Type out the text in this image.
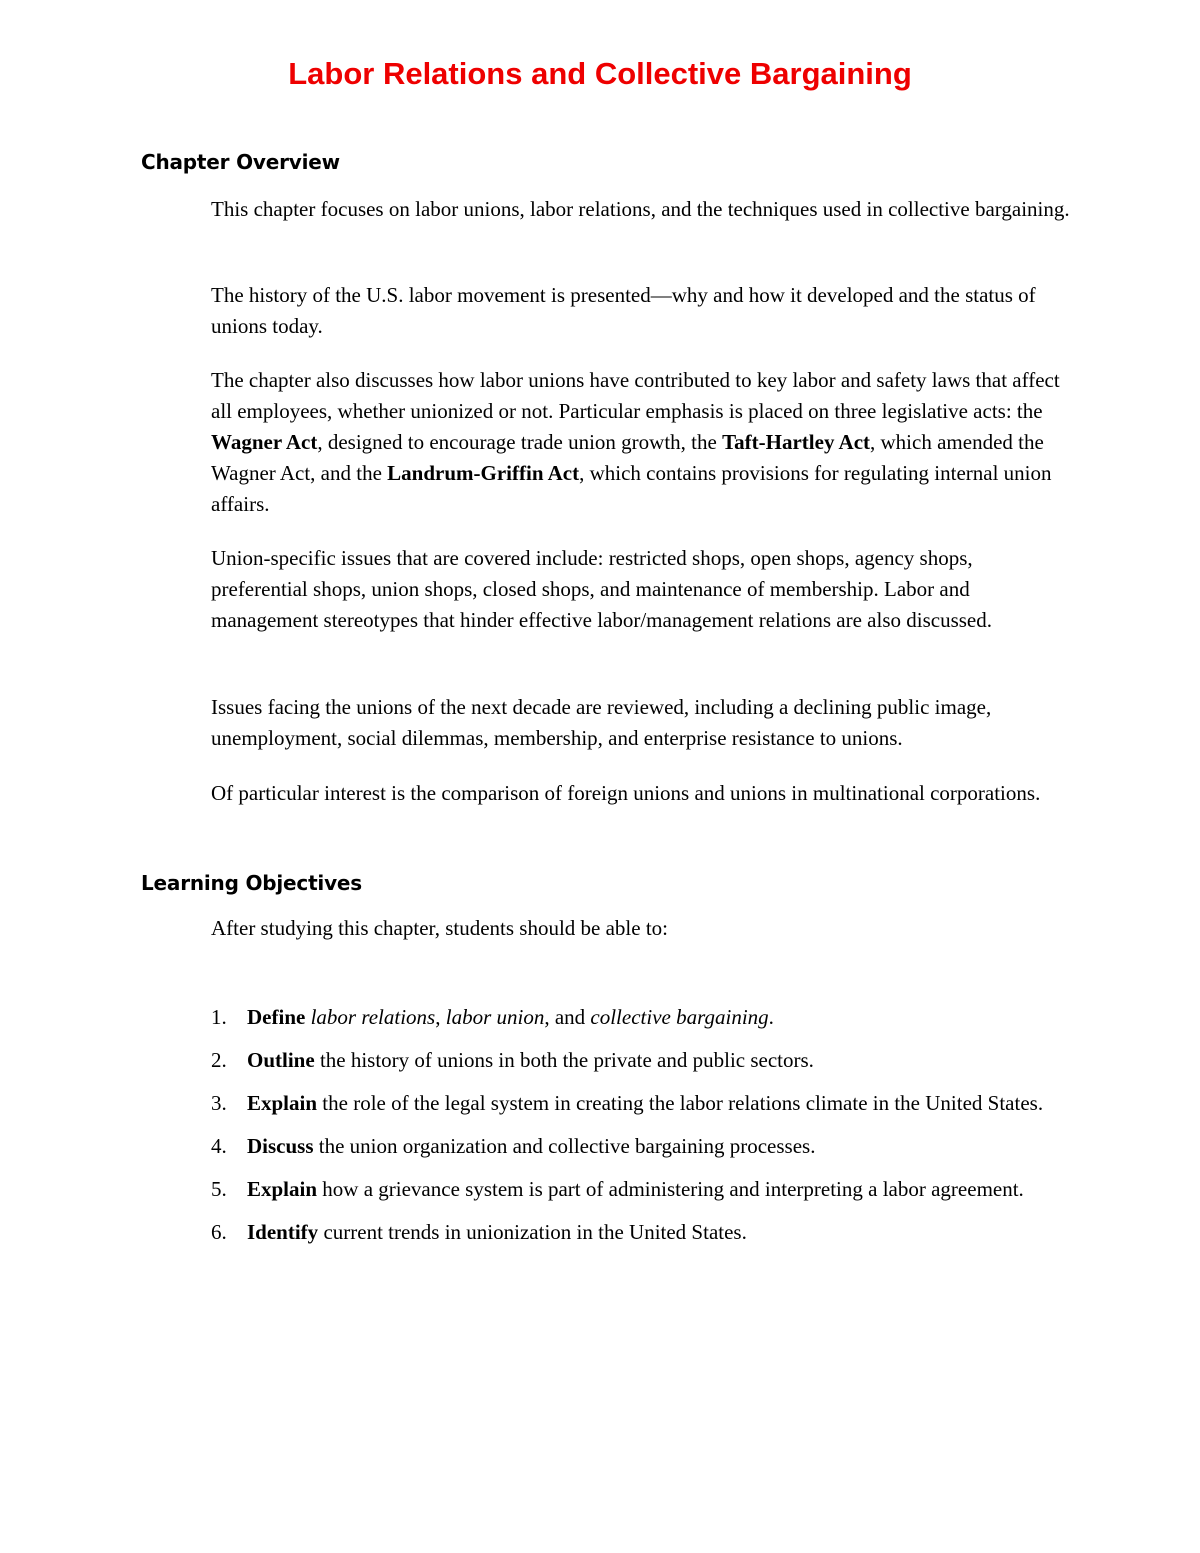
Labor Relations and Collective Bargaining
Chapter Overview

This chapter focuses on labor unions, labor relations, and the techniques used in collective bargaining.

The history of the U.S. labor movement is presented—why and how it developed and the status of unions today.

The chapter also discusses how labor unions have contributed to key labor and safety laws that affect all employees, whether unionized or not. Particular emphasis is placed on three legislative acts: the Wagner Act, designed to encourage trade union growth, the Taft-Hartley Act, which amended the Wagner Act, and the Landrum-Griffin Act, which contains provisions for regulating internal union affairs.

Union-specific issues that are covered include: restricted shops, open shops, agency shops, preferential shops, union shops, closed shops, and maintenance of membership. Labor and management stereotypes that hinder effective labor/management relations are also discussed.

Issues facing the unions of the next decade are reviewed, including a declining public image, unemployment, social dilemmas, membership, and enterprise resistance to unions.

Of particular interest is the comparison of foreign unions and unions in multinational corporations.

Learning Objectives

After studying this chapter, students should be able to:

1. Define labor relations, labor union, and collective bargaining.
2. Outline the history of unions in both the private and public sectors.
3. Explain the role of the legal system in creating the labor relations climate in the United States.
4. Discuss the union organization and collective bargaining processes.
5. Explain how a grievance system is part of administering and interpreting a labor agreement.
6. Identify current trends in unionization in the United States.
